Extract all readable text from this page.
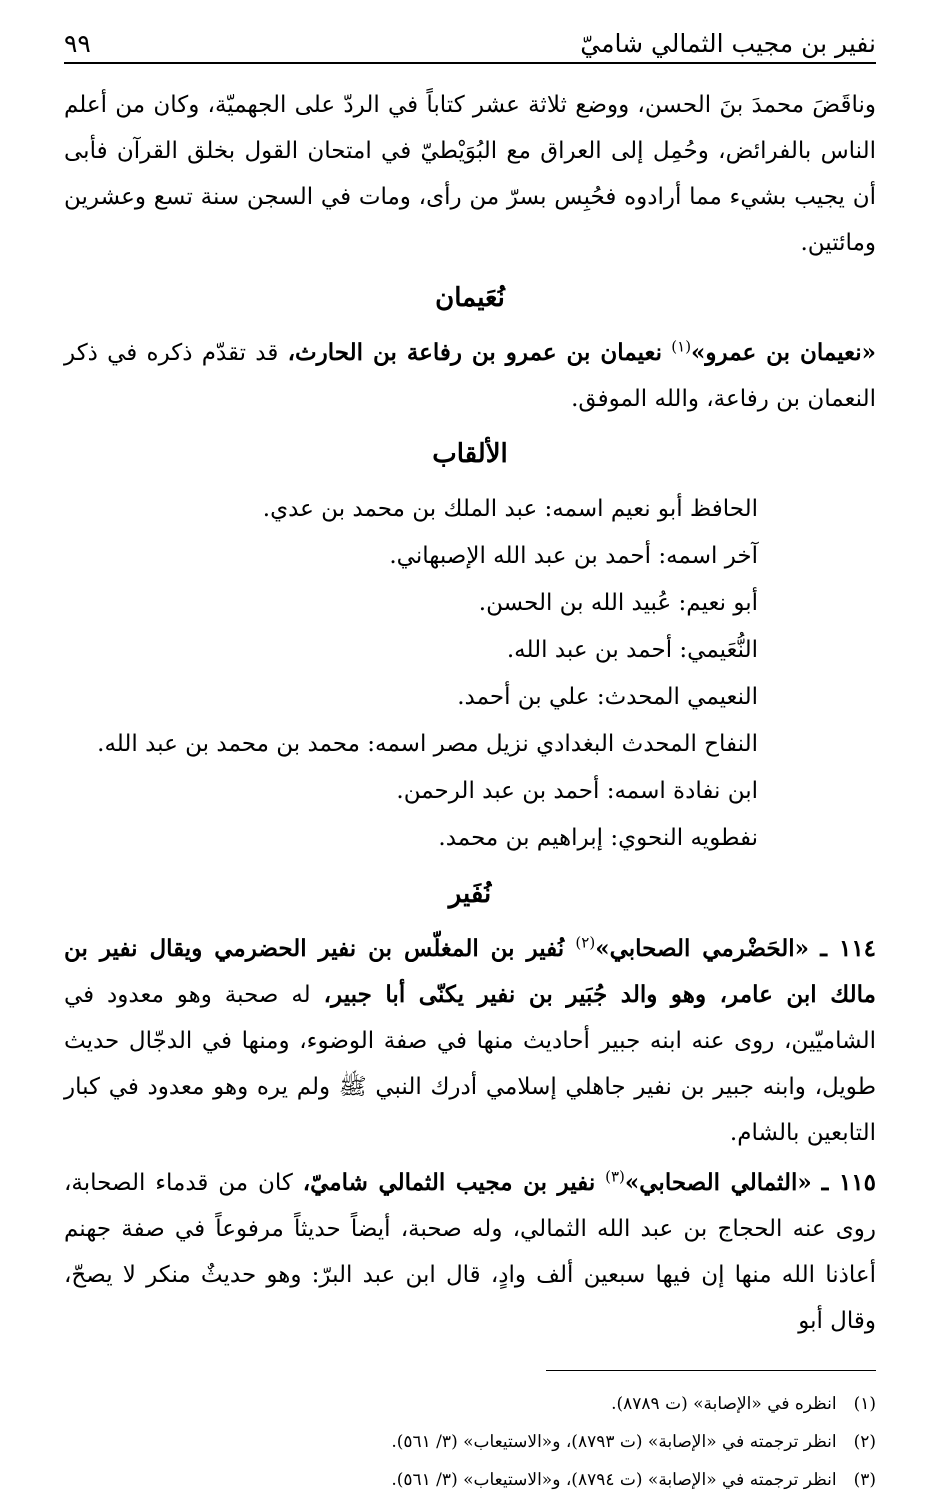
نفير بن مجيب الثمالي شاميّ
٩٩

وناقَضَ محمدَ بنَ الحسن، ووضع ثلاثة عشر كتاباً في الردّ على الجهميّة، وكان من أعلم الناس بالفرائض، وحُمِل إلى العراق مع البُوَيْطيّ في امتحان القول بخلق القرآن فأبى أن يجيب بشيء مما أرادوه فحُبِس بسرّ من رأى، ومات في السجن سنة تسع وعشرين ومائتين.

نُعَيمان

«نعيمان بن عمرو»$^{(١)}$ نعيمان بن عمرو بن رفاعة بن الحارث، قد تقدّم ذكره في ذكر النعمان بن رفاعة، والله الموفق.

الألقاب
الحافظ أبو نعيم اسمه: عبد الملك بن محمد بن عدي.
آخر اسمه: أحمد بن عبد الله الإصبهاني.
أبو نعيم: عُبيد الله بن الحسن.
النُّعَيمي: أحمد بن عبد الله.
النعيمي المحدث: علي بن أحمد.
النفاح المحدث البغدادي نزيل مصر اسمه: محمد بن محمد بن عبد الله.
ابن نفادة اسمه: أحمد بن عبد الرحمن.
نفطويه النحوي: إبراهيم بن محمد.
نُفَير

١١٤ ـ «الحَضْرمي الصحابي»$^{(٢)}$ نُفير بن المغلّس بن نفير الحضرمي ويقال نفير بن مالك ابن عامر، وهو والد جُبَير بن نفير يكنّى أبا جبير، له صحبة وهو معدود في الشاميّين، روى عنه ابنه جبير أحاديث منها في صفة الوضوء، ومنها في الدجّال حديث طويل، وابنه جبير بن نفير جاهلي إسلامي أدرك النبي ﷺ ولم يره وهو معدود في كبار التابعين بالشام.

١١٥ ـ «الثمالي الصحابي»$^{(٣)}$ نفير بن مجيب الثمالي شاميّ، كان من قدماء الصحابة، روى عنه الحجاج بن عبد الله الثمالي، وله صحبة، أيضاً حديثاً مرفوعاً في صفة جهنم أعاذنا الله منها إن فيها سبعين ألف وادٍ، قال ابن عبد البرّ: وهو حديثٌ منكر لا يصحّ، وقال أبو

(١) انظره في «الإصابة» (ت ٨٧٨٩).
(٢) انظر ترجمته في «الإصابة» (ت ٨٧٩٣)، و«الاستيعاب» (٣/ ٥٦١).
(٣) انظر ترجمته في «الإصابة» (ت ٨٧٩٤)، و«الاستيعاب» (٣/ ٥٦١).
